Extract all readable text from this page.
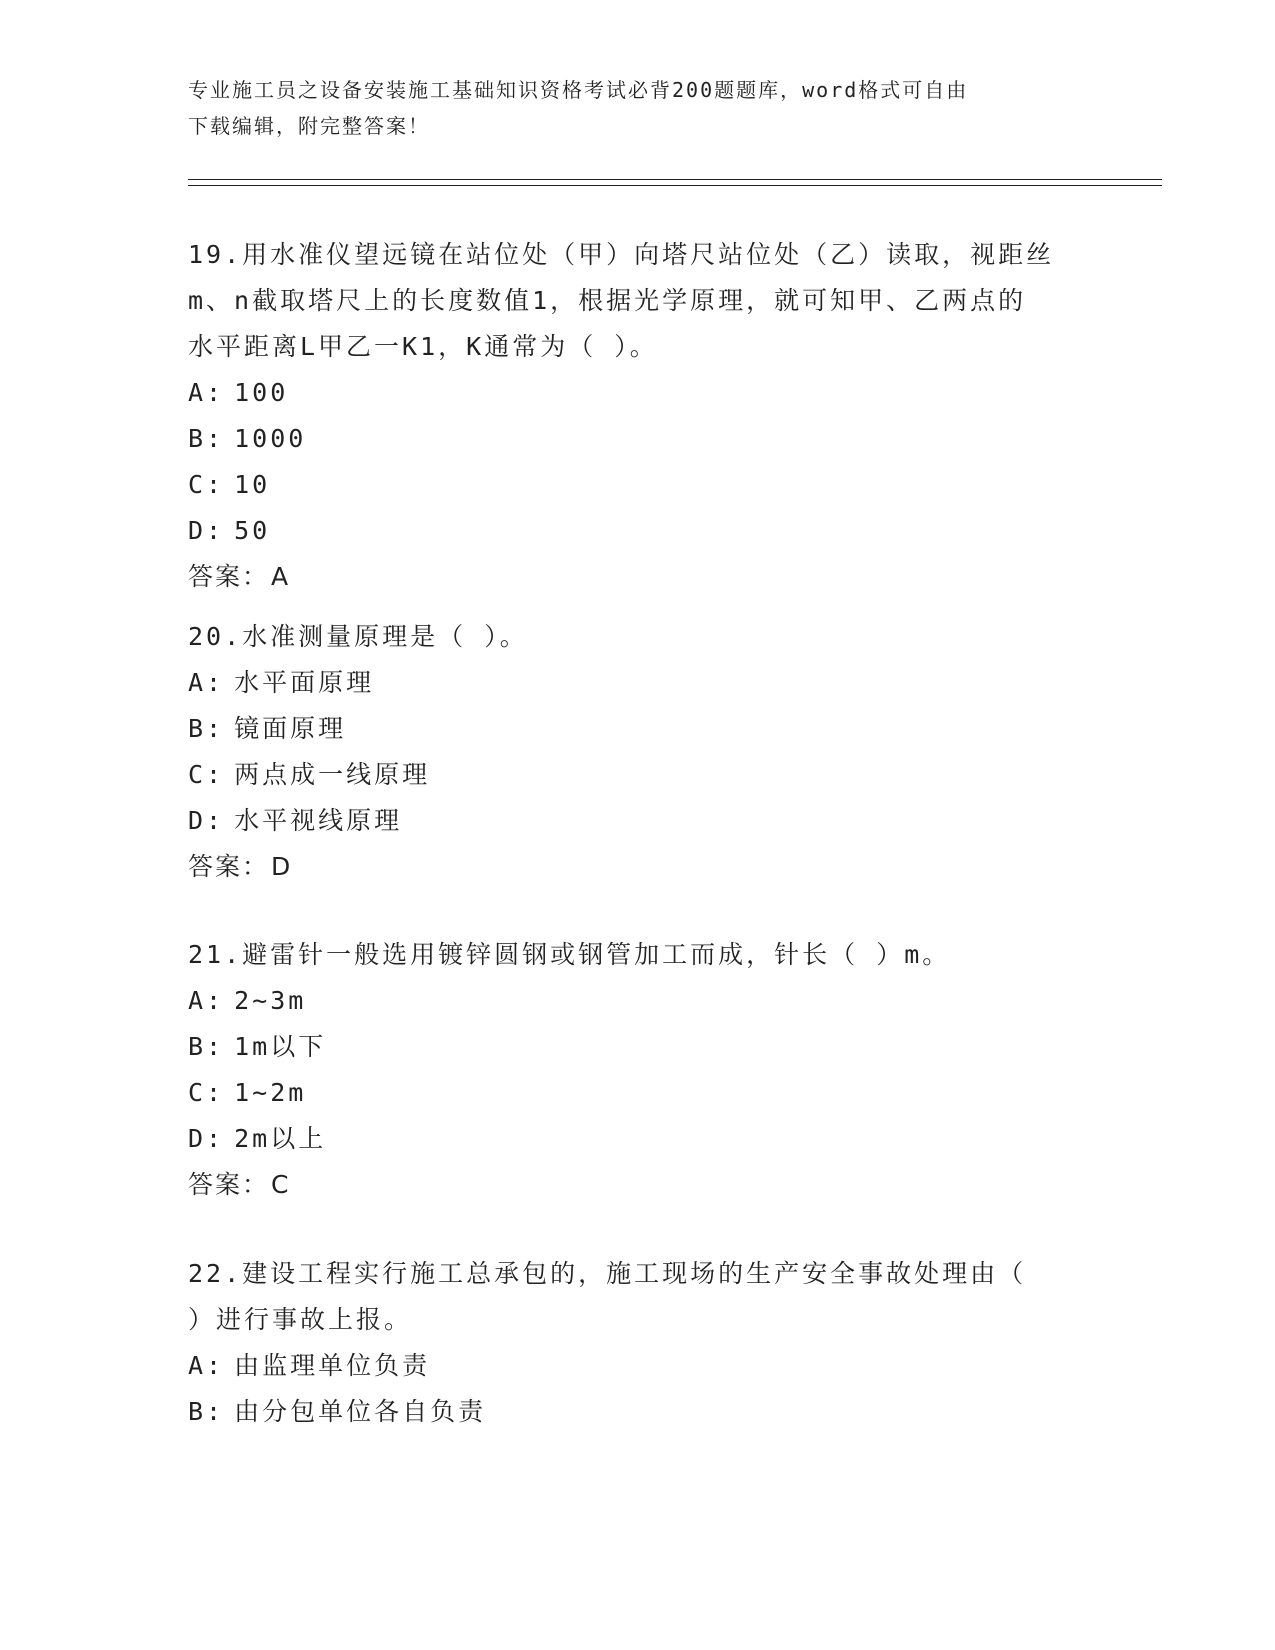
专业施工员之设备安装施工基础知识资格考试必背200题题库，word格式可自由
下载编辑，附完整答案！
19.用水准仪望远镜在站位处（甲）向塔尺站位处（乙）读取，视距丝
m、n截取塔尺上的长度数值1，根据光学原理，就可知甲、乙两点的
水平距离L甲乙一K1，K通常为（ ）。
A: 100
B: 1000
C: 10
D: 50
答案：A
20.水准测量原理是（ ）。
A: 水平面原理
B: 镜面原理
C: 两点成一线原理
D: 水平视线原理
答案：D
21.避雷针一般选用镀锌圆钢或钢管加工而成，针长（ ）m。
A: 2~3m
B: 1m以下
C: 1~2m
D: 2m以上
答案：C
22.建设工程实行施工总承包的，施工现场的生产安全事故处理由（
）进行事故上报。
A: 由监理单位负责
B: 由分包单位各自负责
